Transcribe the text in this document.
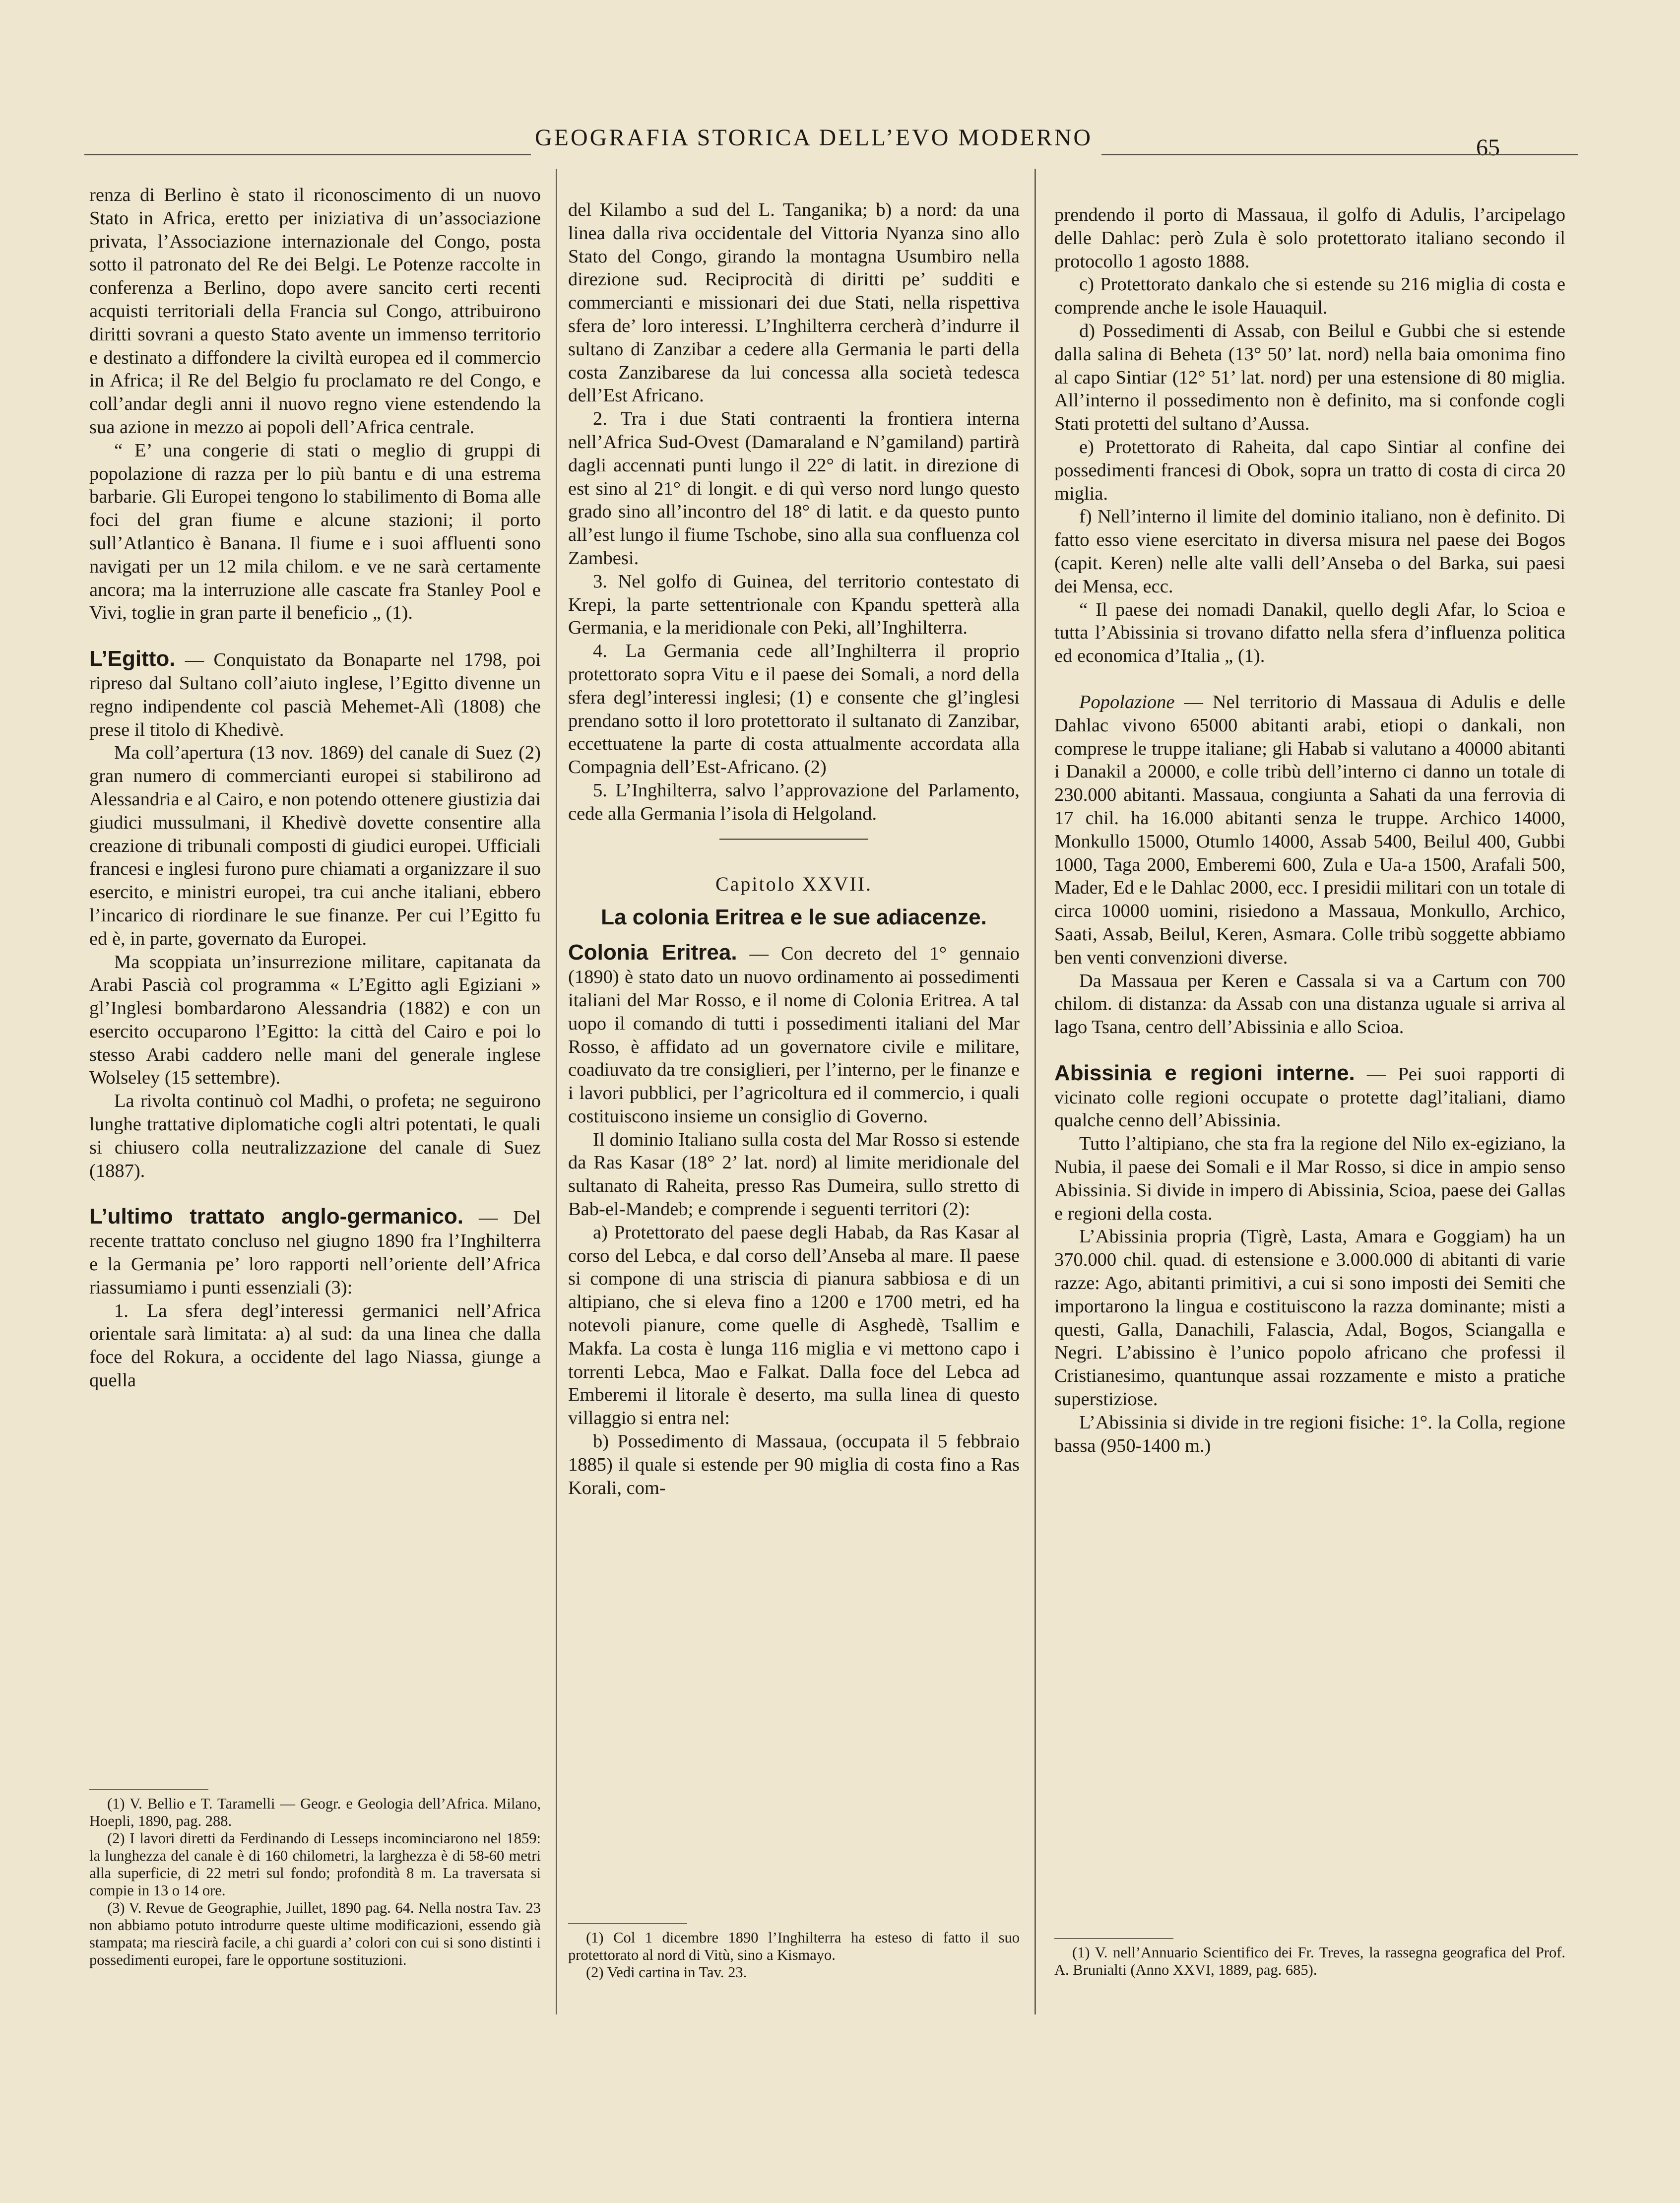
GEOGRAFIA STORICA DELL’EVO MODERNO	65

renza di Berlino è stato il riconoscimento di un nuovo Stato in Africa, eretto per iniziativa di un’associazione privata, l’Associazione internazionale del Congo, posta sotto il patronato del Re dei Belgi. Le Potenze raccolte in conferenza a Berlino, dopo avere sancito certi recenti acquisti territoriali della Francia sul Congo, attribuirono diritti sovrani a questo Stato avente un immenso territorio e destinato a diffondere la civiltà europea ed il commercio in Africa; il Re del Belgio fu proclamato re del Congo, e coll’andar degli anni il nuovo regno viene estendendo la sua azione in mezzo ai popoli dell’Africa centrale.

“ E’ una congerie di stati o meglio di gruppi di popolazione di razza per lo più bantu e di una estrema barbarie. Gli Europei tengono lo stabilimento di Boma alle foci del gran fiume e alcune stazioni; il porto sull’Atlantico è Banana. Il fiume e i suoi affluenti sono navigati per un 12 mila chilom. e ve ne sarà certamente ancora; ma la interruzione alle cascate fra Stanley Pool e Vivi, toglie in gran parte il beneficio „ (1).

L’Egitto. — Conquistato da Bonaparte nel 1798, poi ripreso dal Sultano coll’aiuto inglese, l’Egitto divenne un regno indipendente col pascià Mehemet-Alì (1808) che prese il titolo di Khedivè.

Ma coll’apertura (13 nov. 1869) del canale di Suez (2) gran numero di commercianti europei si stabilirono ad Alessandria e al Cairo, e non potendo ottenere giustizia dai giudici mussulmani, il Khedivè dovette consentire alla creazione di tribunali composti di giudici europei. Ufficiali francesi e inglesi furono pure chiamati a organizzare il suo esercito, e ministri europei, tra cui anche italiani, ebbero l’incarico di riordinare le sue finanze. Per cui l’Egitto fu ed è, in parte, governato da Europei.

Ma scoppiata un’insurrezione militare, capitanata da Arabi Pascià col programma « L’Egitto agli Egiziani » gl’Inglesi bombardarono Alessandria (1882) e con un esercito occuparono l’Egitto: la città del Cairo e poi lo stesso Arabi caddero nelle mani del generale inglese Wolseley (15 settembre).

La rivolta continuò col Madhi, o profeta; ne seguirono lunghe trattative diplomatiche cogli altri potentati, le quali si chiusero colla neutralizzazione del canale di Suez (1887).

L’ultimo trattato anglo-germanico. — Del recente trattato concluso nel giugno 1890 fra l’Inghilterra e la Germania pe’ loro rapporti nell’oriente dell’Africa riassumiamo i punti essenziali (3):

1. La sfera degl’interessi germanici nell’Africa orientale sarà limitata: a) al sud: da una linea che dalla foce del Rokura, a occidente del lago Niassa, giunge a quella

(1) V. Bellio e T. Taramelli — Geogr. e Geologia dell’Africa. Milano, Hoepli, 1890, pag. 288.

(2) I lavori diretti da Ferdinando di Lesseps incominciarono nel 1859: la lunghezza del canale è di 160 chilometri, la larghezza è di 58-60 metri alla superficie, di 22 metri sul fondo; profondità 8 m. La traversata si compie in 13 o 14 ore.

(3) V. Revue de Geographie, Juillet, 1890 pag. 64. Nella nostra Tav. 23 non abbiamo potuto introdurre queste ultime modificazioni, essendo già stampata; ma riescirà facile, a chi guardi a’ colori con cui si sono distinti i possedimenti europei, fare le opportune sostituzioni.

del Kilambo a sud del L. Tanganika; b) a nord: da una linea dalla riva occidentale del Vittoria Nyanza sino allo Stato del Congo, girando la montagna Usumbiro nella direzione sud. Reciprocità di diritti pe’ sudditi e commercianti e missionari dei due Stati, nella rispettiva sfera de’ loro interessi. L’Inghilterra cercherà d’indurre il sultano di Zanzibar a cedere alla Germania le parti della costa Zanzibarese da lui concessa alla società tedesca dell’Est Africano.

2. Tra i due Stati contraenti la frontiera interna nell’Africa Sud-Ovest (Damaraland e N’gamiland) partirà dagli accennati punti lungo il 22° di latit. in direzione di est sino al 21° di longit. e di quì verso nord lungo questo grado sino all’incontro del 18° di latit. e da questo punto all’est lungo il fiume Tschobe, sino alla sua confluenza col Zambesi.

3. Nel golfo di Guinea, del territorio contestato di Krepi, la parte settentrionale con Kpandu spetterà alla Germania, e la meridionale con Peki, all’Inghilterra.

4. La Germania cede all’Inghilterra il proprio protettorato sopra Vitu e il paese dei Somali, a nord della sfera degl’interessi inglesi; (1) e consente che gl’inglesi prendano sotto il loro protettorato il sultanato di Zanzibar, eccettuatene la parte di costa attualmente accordata alla Compagnia dell’Est-Africano. (2)

5. L’Inghilterra, salvo l’approvazione del Parlamento, cede alla Germania l’isola di Helgoland.

Capitolo XXVII.
La colonia Eritrea e le sue adiacenze.

Colonia Eritrea. — Con decreto del 1° gennaio (1890) è stato dato un nuovo ordinamento ai possedimenti italiani del Mar Rosso, e il nome di Colonia Eritrea. A tal uopo il comando di tutti i possedimenti italiani del Mar Rosso, è affidato ad un governatore civile e militare, coadiuvato da tre consiglieri, per l’interno, per le finanze e i lavori pubblici, per l’agricoltura ed il commercio, i quali costituiscono insieme un consiglio di Governo.

Il dominio Italiano sulla costa del Mar Rosso si estende da Ras Kasar (18° 2’ lat. nord) al limite meridionale del sultanato di Raheita, presso Ras Dumeira, sullo stretto di Bab-el-Mandeb; e comprende i seguenti territori (2):

a) Protettorato del paese degli Habab, da Ras Kasar al corso del Lebca, e dal corso dell’Anseba al mare. Il paese si compone di una striscia di pianura sabbiosa e di un altipiano, che si eleva fino a 1200 e 1700 metri, ed ha notevoli pianure, come quelle di Asghedè, Tsallim e Makfa. La costa è lunga 116 miglia e vi mettono capo i torrenti Lebca, Mao e Falkat. Dalla foce del Lebca ad Emberemi il litorale è deserto, ma sulla linea di questo villaggio si entra nel:

b) Possedimento di Massaua, (occupata il 5 febbraio 1885) il quale si estende per 90 miglia di costa fino a Ras Korali, com-

(1) Col 1 dicembre 1890 l’Inghilterra ha esteso di fatto il suo protettorato al nord di Vitù, sino a Kismayo.

(2) Vedi cartina in Tav. 23.

prendendo il porto di Massaua, il golfo di Adulis, l’arcipelago delle Dahlac: però Zula è solo protettorato italiano secondo il protocollo 1 agosto 1888.

c) Protettorato dankalo che si estende su 216 miglia di costa e comprende anche le isole Hauaquil.

d) Possedimenti di Assab, con Beilul e Gubbi che si estende dalla salina di Beheta (13° 50’ lat. nord) nella baia omonima fino al capo Sintiar (12° 51’ lat. nord) per una estensione di 80 miglia. All’interno il possedimento non è definito, ma si confonde cogli Stati protetti del sultano d’Aussa.

e) Protettorato di Raheita, dal capo Sintiar al confine dei possedimenti francesi di Obok, sopra un tratto di costa di circa 20 miglia.

f) Nell’interno il limite del dominio italiano, non è definito. Di fatto esso viene esercitato in diversa misura nel paese dei Bogos (capit. Keren) nelle alte valli dell’Anseba o del Barka, sui paesi dei Mensa, ecc.

“ Il paese dei nomadi Danakil, quello degli Afar, lo Scioa e tutta l’Abissinia si trovano difatto nella sfera d’influenza politica ed economica d’Italia „ (1).

Popolazione — Nel territorio di Massaua di Adulis e delle Dahlac vivono 65000 abitanti arabi, etiopi o dankali, non comprese le truppe italiane; gli Habab si valutano a 40000 abitanti i Danakil a 20000, e colle tribù dell’interno ci danno un totale di 230.000 abitanti. Massaua, congiunta a Sahati da una ferrovia di 17 chil. ha 16.000 abitanti senza le truppe. Archico 14000, Monkullo 15000, Otumlo 14000, Assab 5400, Beilul 400, Gubbi 1000, Taga 2000, Emberemi 600, Zula e Ua-a 1500, Arafali 500, Mader, Ed e le Dahlac 2000, ecc. I presidii militari con un totale di circa 10000 uomini, risiedono a Massaua, Monkullo, Archico, Saati, Assab, Beilul, Keren, Asmara. Colle tribù soggette abbiamo ben venti convenzioni diverse.

Da Massaua per Keren e Cassala si va a Cartum con 700 chilom. di distanza: da Assab con una distanza uguale si arriva al lago Tsana, centro dell’Abissinia e allo Scioa.

Abissinia e regioni interne. — Pei suoi rapporti di vicinato colle regioni occupate o protette dagl’italiani, diamo qualche cenno dell’Abissinia.

Tutto l’altipiano, che sta fra la regione del Nilo ex-egiziano, la Nubia, il paese dei Somali e il Mar Rosso, si dice in ampio senso Abissinia. Si divide in impero di Abissinia, Scioa, paese dei Gallas e regioni della costa.

L’Abissinia propria (Tigrè, Lasta, Amara e Goggiam) ha un 370.000 chil. quad. di estensione e 3.000.000 di abitanti di varie razze: Ago, abitanti primitivi, a cui si sono imposti dei Semiti che importarono la lingua e costituiscono la razza dominante; misti a questi, Galla, Danachili, Falascia, Adal, Bogos, Sciangalla e Negri. L’abissino è l’unico popolo africano che professi il Cristianesimo, quantunque assai rozzamente e misto a pratiche superstiziose.

L’Abissinia si divide in tre regioni fisiche: 1°. la Colla, regione bassa (950-1400 m.)

(1) V. nell’Annuario Scientifico dei Fr. Treves, la rassegna geografica del Prof. A. Brunialti (Anno XXVI, 1889, pag. 685).
